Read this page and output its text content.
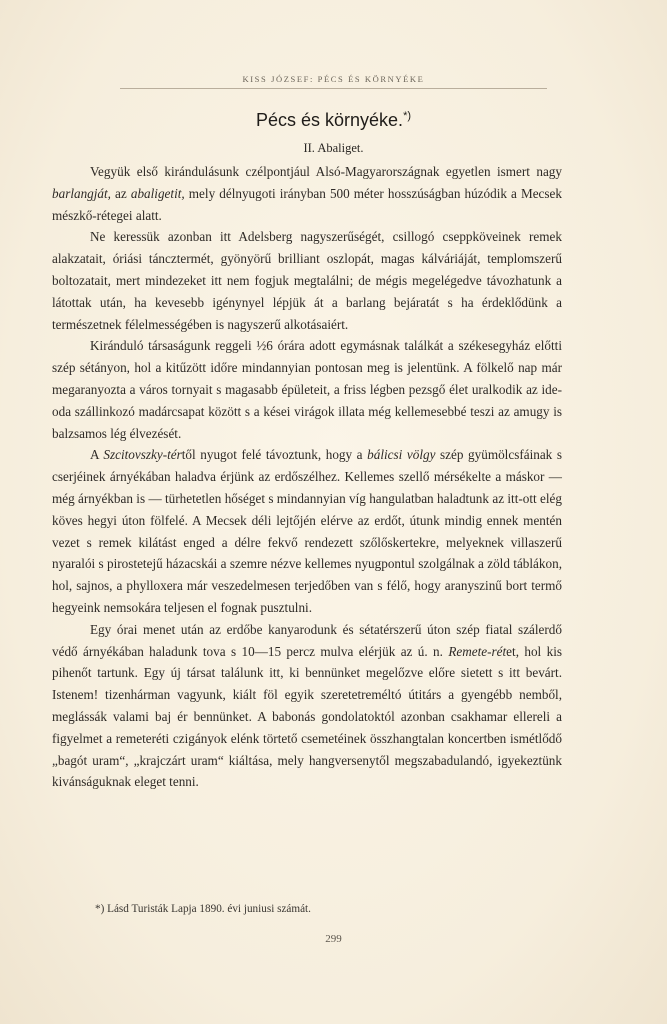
KISS JÓZSEF: PÉCS ÉS KÖRNYÉKE
Pécs és környéke.*)
II. Abaliget.

Vegyük első kirándulásunk czélpontjául Alsó-Magyarországnak egyetlen ismert nagy barlangját, az abaligetit, mely délnyugoti irányban 500 méter hosszúságban húzódik a Mecsek mészkő-rétegei alatt.

Ne keressük azonban itt Adelsberg nagyszerűségét, csillogó cseppköveinek remek alakzatait, óriási táncztermét, gyönyörű brilliant oszlopát, magas kálváriáját, templomszerű boltozatait, mert mindezeket itt nem fogjuk megtalálni; de mégis megelégedve távozhatunk a látottak után, ha kevesebb igénynyel lépjük át a barlang bejáratát s ha érdeklődünk a természetnek félelmességében is nagyszerű alkotásaiért.

Kiránduló társaságunk reggeli ½6 órára adott egymásnak találkát a székesegyház előtti szép sétányon, hol a kitűzött időre mindannyian pontosan meg is jelentünk. A fölkelő nap már megaranyozta a város tornyait s magasabb épületeit, a friss légben pezsgő élet uralkodik az ide-oda szállinkozó madárcsapat között s a kései virágok illata még kellemesebbé teszi az amugy is balzsamos lég élvezését.

A Szcitovszky-tértől nyugot felé távoztunk, hogy a bálicsi völgy szép gyümölcsfáinak s cserjéinek árnyékában haladva érjünk az erdőszélhez. Kellemes szellő mérsékelte a máskor — még árnyékban is — türhetetlen hőséget s mindannyian víg hangulatban haladtunk az itt-ott elég köves hegyi úton fölfelé. A Mecsek déli lejtőjén elérve az erdőt, útunk mindig ennek mentén vezet s remek kilátást enged a délre fekvő rendezett szőlőskertekre, melyeknek villaszerű nyaralói s pirostetejű házacskái a szemre nézve kellemes nyugpontul szolgálnak a zöld táblákon, hol, sajnos, a phylloxera már veszedelmesen terjedőben van s félő, hogy aranyszinű bort termő hegyeink nemsokára teljesen el fognak pusztulni.

Egy órai menet után az erdőbe kanyarodunk és sétatérszerű úton szép fiatal szálerdő védő árnyékában haladunk tova s 10—15 percz mulva elérjük az ú. n. Remete-rétet, hol kis pihenőt tartunk. Egy új társat találunk itt, ki bennünket megelőzve előre sietett s itt bevárt. Istenem! tizenhárman vagyunk, kiált föl egyik szeretetreméltó útitárs a gyengébb nemből, meglássák valami baj ér bennünket. A babonás gondolatoktól azonban csakhamar ellereli a figyelmet a remeteréti czigányok elénk törtető csemetéinek összhangtalan koncertben ismétlődő „bagót uram“, „krajczárt uram“ kiáltása, mely hangversenytől megszabadulandó, igyekeztünk kivánságuknak eleget tenni.

*) Lásd Turisták Lapja 1890. évi juniusi számát.
299
